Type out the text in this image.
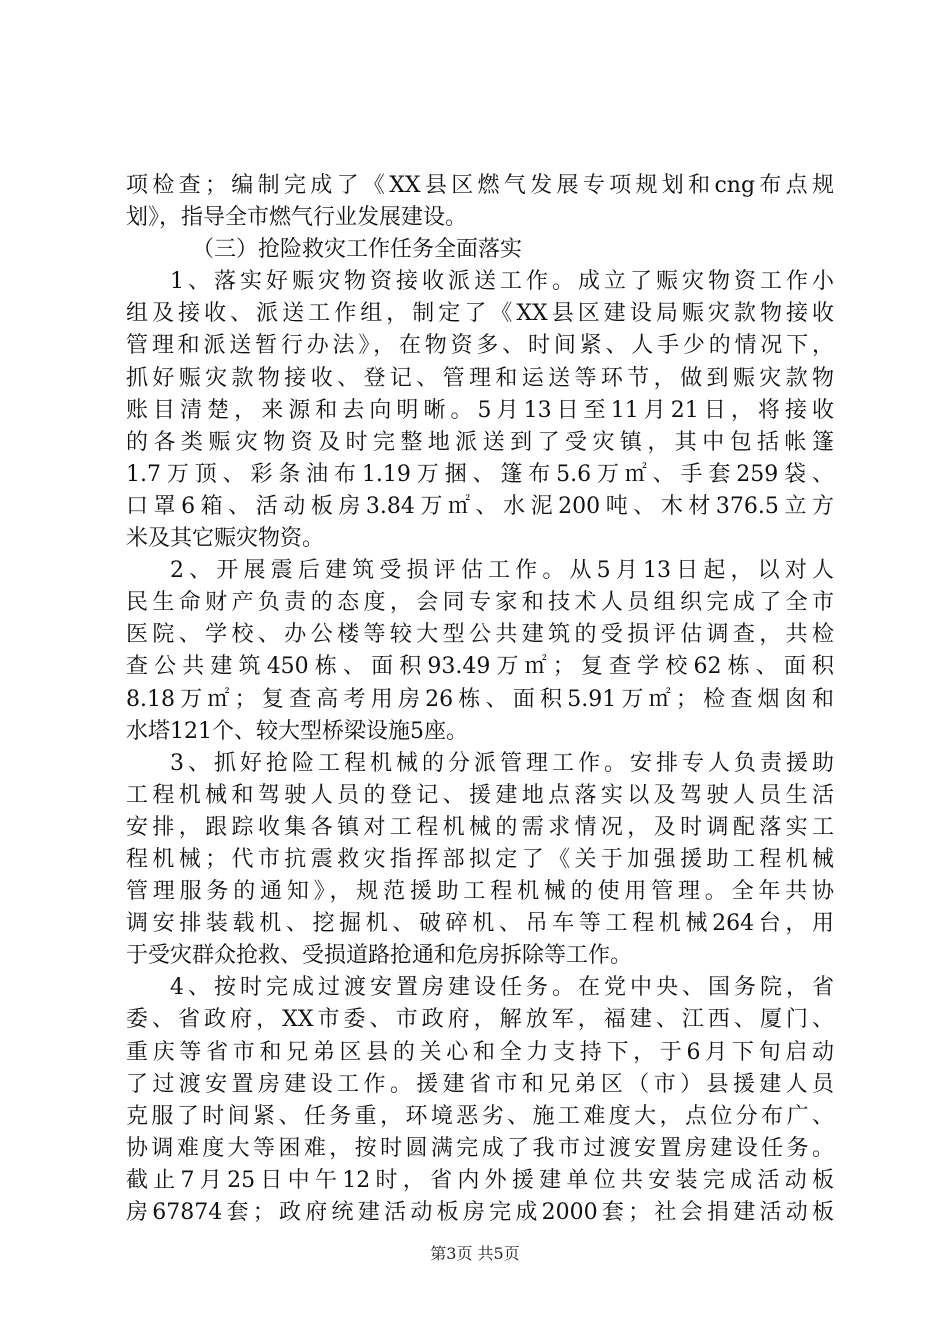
项检查；编制完成了《XX县区燃气发展专项规划和cng布点规
划》，指导全市燃气行业发展建设。
（三）抢险救灾工作任务全面落实
1、落实好赈灾物资接收派送工作。成立了赈灾物资工作小
组及接收、派送工作组，制定了《XX县区建设局赈灾款物接收
管理和派送暂行办法》，在物资多、时间紧、人手少的情况下，
抓好赈灾款物接收、登记、管理和运送等环节，做到赈灾款物
账目清楚，来源和去向明晰。5月13日至11月21日，将接收
的各类赈灾物资及时完整地派送到了受灾镇，其中包括帐篷
1.7万顶、彩条油布1.19万捆、篷布5.6万㎡、手套259袋、
口罩6箱、活动板房3.84万㎡、水泥200吨、木材376.5立方
米及其它赈灾物资。
2、开展震后建筑受损评估工作。从5月13日起，以对人
民生命财产负责的态度，会同专家和技术人员组织完成了全市
医院、学校、办公楼等较大型公共建筑的受损评估调查，共检
查公共建筑450栋、面积93.49万㎡；复查学校62栋、面积
8.18万㎡；复查高考用房26栋、面积5.91万㎡；检查烟囱和
水塔121个、较大型桥梁设施5座。
3、抓好抢险工程机械的分派管理工作。安排专人负责援助
工程机械和驾驶人员的登记、援建地点落实以及驾驶人员生活
安排，跟踪收集各镇对工程机械的需求情况，及时调配落实工
程机械；代市抗震救灾指挥部拟定了《关于加强援助工程机械
管理服务的通知》，规范援助工程机械的使用管理。全年共协
调安排装载机、挖掘机、破碎机、吊车等工程机械264台，用
于受灾群众抢救、受损道路抢通和危房拆除等工作。
4、按时完成过渡安置房建设任务。在党中央、国务院，省
委、省政府，XX市委、市政府，解放军，福建、江西、厦门、
重庆等省市和兄弟区县的关心和全力支持下，于6月下旬启动
了过渡安置房建设工作。援建省市和兄弟区（市）县援建人员
克服了时间紧、任务重，环境恶劣、施工难度大，点位分布广、
协调难度大等困难，按时圆满完成了我市过渡安置房建设任务。
截止7月25日中午12时，省内外援建单位共安装完成活动板
房67874套；政府统建活动板房完成2000套；社会捐建活动板
第3页 共5页
